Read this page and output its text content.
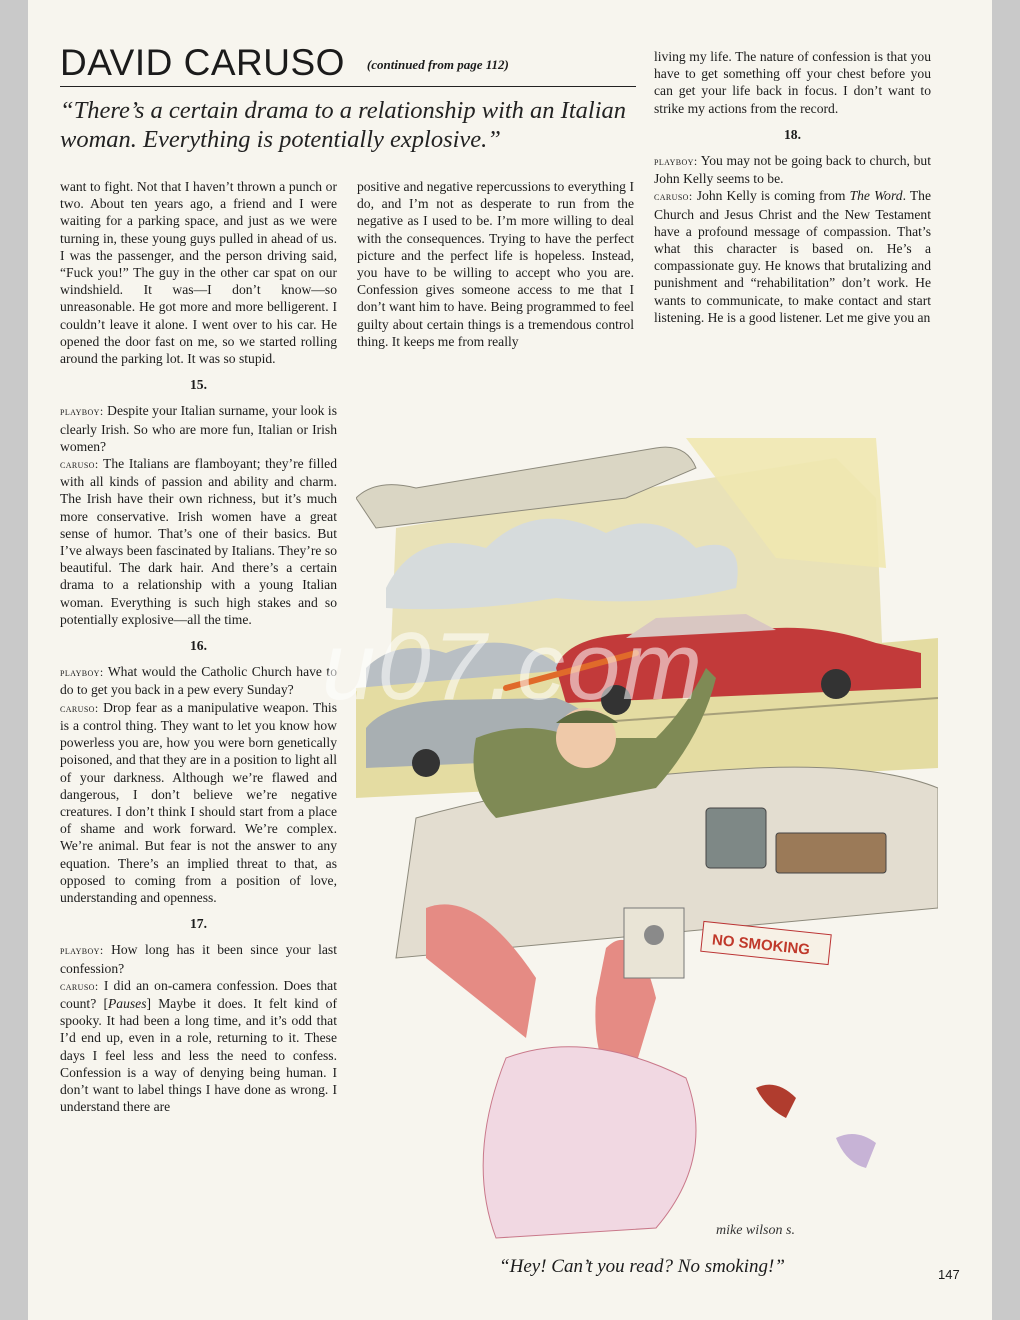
DAVID CARUSO (continued from page 112)
“There’s a certain drama to a relationship with an Italian woman. Everything is potentially explosive.”

want to fight. Not that I haven’t thrown a punch or two. About ten years ago, a friend and I were waiting for a parking space, and just as we were turning in, these young guys pulled in ahead of us. I was the passenger, and the person driving said, “Fuck you!” The guy in the other car spat on our windshield. It was—I don’t know—so unreasonable. He got more and more belligerent. I couldn’t leave it alone. I went over to his car. He opened the door fast on me, so we started rolling around the parking lot. It was so stupid.

15.

playboy: Despite your Italian surname, your look is clearly Irish. So who are more fun, Italian or Irish women?

caruso: The Italians are flamboyant; they’re filled with all kinds of passion and ability and charm. The Irish have their own richness, but it’s much more conservative. Irish women have a great sense of humor. That’s one of their basics. But I’ve always been fascinated by Italians. They’re so beautiful. The dark hair. And there’s a certain drama to a relationship with a young Italian woman. Everything is such high stakes and so potentially explosive—all the time.

16.

playboy: What would the Catholic Church have to do to get you back in a pew every Sunday?

caruso: Drop fear as a manipulative weapon. This is a control thing. They want to let you know how powerless you are, how you were born genetically poisoned, and that they are in a position to light all of your darkness. Although we’re flawed and dangerous, I don’t believe we’re negative creatures. I don’t think I should start from a place of shame and work forward. We’re complex. We’re animal. But fear is not the answer to any equation. There’s an implied threat to that, as opposed to coming from a position of love, understanding and openness.

17.

playboy: How long has it been since your last confession?

caruso: I did an on-camera confession. Does that count? [Pauses] Maybe it does. It felt kind of spooky. It had been a long time, and it’s odd that I’d end up, even in a role, returning to it. These days I feel less and less the need to confess. Confession is a way of denying being human. I don’t want to label things I have done as wrong. I understand there are

positive and negative repercussions to everything I do, and I’m not as desperate to run from the negative as I used to be. I’m more willing to deal with the consequences. Trying to have the perfect picture and the perfect life is hopeless. Instead, you have to be willing to accept who you are. Confession gives someone access to me that I don’t want him to have. Being programmed to feel guilty about certain things is a tremendous control thing. It keeps me from really

living my life. The nature of confession is that you have to get something off your chest before you can get your life back in focus. I don’t want to strike my actions from the record.

18.

playboy: You may not be going back to church, but John Kelly seems to be.

caruso: John Kelly is coming from The Word. The Church and Jesus Christ and the New Testament have a profound message of compassion. That’s what this character is based on. He’s a compassionate guy. He knows that brutalizing and punishment and “rehabilitation” don’t work. He wants to communicate, to make contact and start listening. He is a good listener. Let me give you an

NO SMOKING
mike wilson s.
u07.com
“Hey! Can’t you read? No smoking!”	147
